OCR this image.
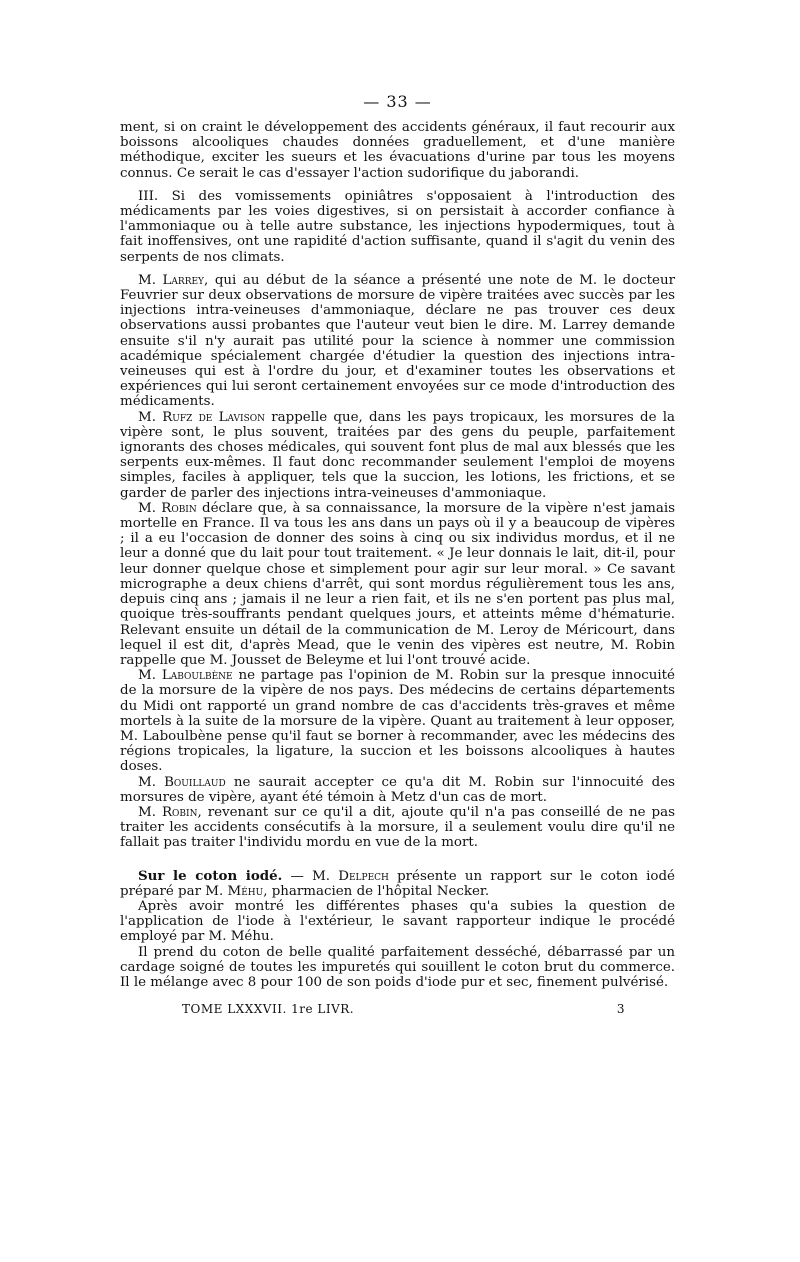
— 33 —

ment, si on craint le développement des accidents généraux, il faut recourir aux boissons alcooliques chaudes données graduellement, et d'une manière méthodique, exciter les sueurs et les évacuations d'urine par tous les moyens connus. Ce serait le cas d'essayer l'action sudorifique du jaborandi.

III. Si des vomissements opiniâtres s'opposaient à l'introduction des médicaments par les voies digestives, si on persistait à accorder confiance à l'ammoniaque ou à telle autre substance, les injections hypodermiques, tout à fait inoffensives, ont une rapidité d'action suffisante, quand il s'agit du venin des serpents de nos climats.

M. Larrey, qui au début de la séance a présenté une note de M. le docteur Feuvrier sur deux observations de morsure de vipère traitées avec succès par les injections intra-veineuses d'ammoniaque, déclare ne pas trouver ces deux observations aussi probantes que l'auteur veut bien le dire. M. Larrey demande ensuite s'il n'y aurait pas utilité pour la science à nommer une commission académique spécialement chargée d'étudier la question des injections intra-veineuses qui est à l'ordre du jour, et d'examiner toutes les observations et expériences qui lui seront certainement envoyées sur ce mode d'introduction des médicaments.

M. Rufz de Lavison rappelle que, dans les pays tropicaux, les morsures de la vipère sont, le plus souvent, traitées par des gens du peuple, parfaitement ignorants des choses médicales, qui souvent font plus de mal aux blessés que les serpents eux-mêmes. Il faut donc recommander seulement l'emploi de moyens simples, faciles à appliquer, tels que la succion, les lotions, les frictions, et se garder de parler des injections intra-veineuses d'ammoniaque.

M. Robin déclare que, à sa connaissance, la morsure de la vipère n'est jamais mortelle en France. Il va tous les ans dans un pays où il y a beaucoup de vipères ; il a eu l'occasion de donner des soins à cinq ou six individus mordus, et il ne leur a donné que du lait pour tout traitement. « Je leur donnais le lait, dit-il, pour leur donner quelque chose et simplement pour agir sur leur moral. » Ce savant micrographe a deux chiens d'arrêt, qui sont mordus régulièrement tous les ans, depuis cinq ans ; jamais il ne leur a rien fait, et ils ne s'en portent pas plus mal, quoique très-souffrants pendant quelques jours, et atteints même d'hématurie. Relevant ensuite un détail de la communication de M. Leroy de Méricourt, dans lequel il est dit, d'après Mead, que le venin des vipères est neutre, M. Robin rappelle que M. Jousset de Beleyme et lui l'ont trouvé acide.

M. Laboulbène ne partage pas l'opinion de M. Robin sur la presque innocuité de la morsure de la vipère de nos pays. Des médecins de certains départements du Midi ont rapporté un grand nombre de cas d'accidents très-graves et même mortels à la suite de la morsure de la vipère. Quant au traitement à leur opposer, M. Laboulbène pense qu'il faut se borner à recommander, avec les médecins des régions tropicales, la ligature, la succion et les boissons alcooliques à hautes doses.

M. Bouillaud ne saurait accepter ce qu'a dit M. Robin sur l'innocuité des morsures de vipère, ayant été témoin à Metz d'un cas de mort.

M. Robin, revenant sur ce qu'il a dit, ajoute qu'il n'a pas conseillé de ne pas traiter les accidents consécutifs à la morsure, il a seulement voulu dire qu'il ne fallait pas traiter l'individu mordu en vue de la mort.

Sur le coton iodé. — M. Delpech présente un rapport sur le coton iodé préparé par M. Méhu, pharmacien de l'hôpital Necker.

Après avoir montré les différentes phases qu'a subies la question de l'application de l'iode à l'extérieur, le savant rapporteur indique le procédé employé par M. Méhu.

Il prend du coton de belle qualité parfaitement desséché, débarrassé par un cardage soigné de toutes les impuretés qui souillent le coton brut du commerce. Il le mélange avec 8 pour 100 de son poids d'iode pur et sec, finement pulvérisé.

TOME LXXXVII. 1re LIVR.	3
